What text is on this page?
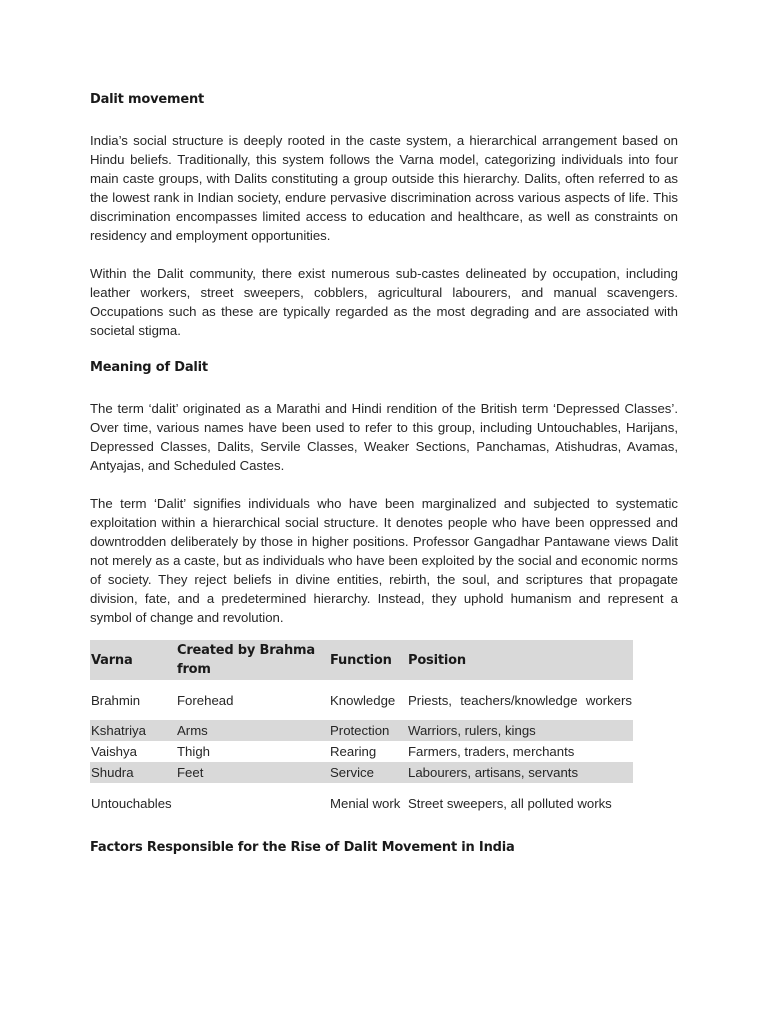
Dalit movement

India’s social structure is deeply rooted in the caste system, a hierarchical arrangement based on Hindu beliefs. Traditionally, this system follows the Varna model, categorizing individuals into four main caste groups, with Dalits constituting a group outside this hierarchy. Dalits, often referred to as the lowest rank in Indian society, endure pervasive discrimination across various aspects of life. This discrimination encompasses limited access to education and healthcare, as well as constraints on residency and employment opportunities.

Within the Dalit community, there exist numerous sub-castes delineated by occupation, including leather workers, street sweepers, cobblers, agricultural labourers, and manual scavengers. Occupations such as these are typically regarded as the most degrading and are associated with societal stigma.

Meaning of Dalit

The term ‘dalit’ originated as a Marathi and Hindi rendition of the British term ‘Depressed Classes’. Over time, various names have been used to refer to this group, including Untouchables, Harijans, Depressed Classes, Dalits, Servile Classes, Weaker Sections, Panchamas, Atishudras, Avamas, Antyajas, and Scheduled Castes.

The term ‘Dalit’ signifies individuals who have been marginalized and subjected to systematic exploitation within a hierarchical social structure. It denotes people who have been oppressed and downtrodden deliberately by those in higher positions. Professor Gangadhar Pantawane views Dalit not merely as a caste, but as individuals who have been exploited by the social and economic norms of society. They reject beliefs in divine entities, rebirth, the soul, and scriptures that propagate division, fate, and a predetermined hierarchy. Instead, they uphold humanism and represent a symbol of change and revolution.

Varna	Created by Brahma from	Function	Position
Brahmin	Forehead	Knowledge	Priests, teachers/knowledge workers
Kshatriya	Arms	Protection	Warriors, rulers, kings
Vaishya	Thigh	Rearing	Farmers, traders, merchants
Shudra	Feet	Service	Labourers, artisans, servants
Untouchables		Menial work	Street sweepers, all polluted works
Factors Responsible for the Rise of Dalit Movement in India
